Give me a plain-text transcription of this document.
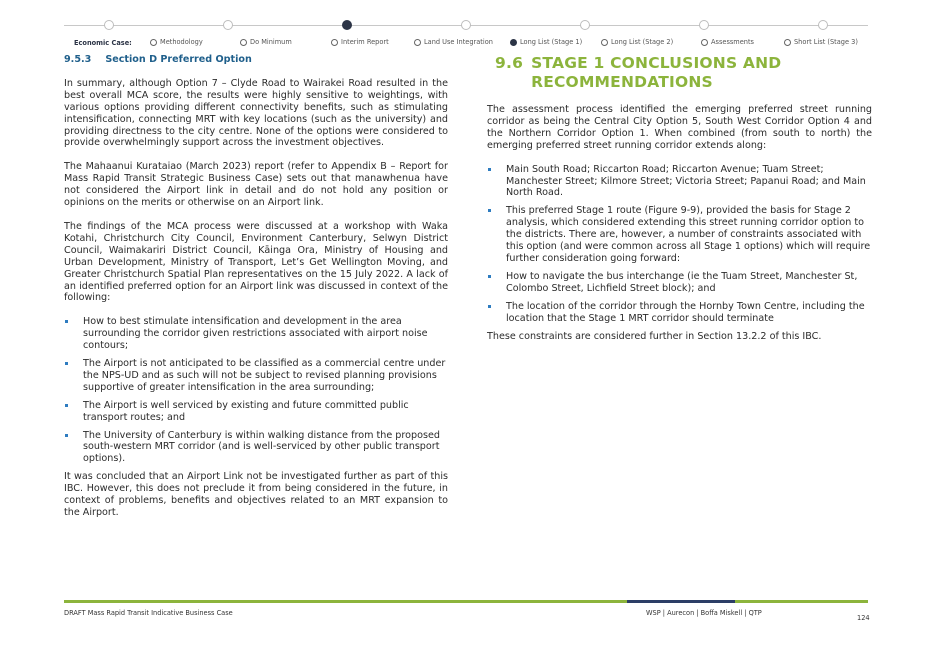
Economic Case:	Methodology	Do Minimum	Interim Report	Land Use Integration	Long List (Stage 1)	Long List (Stage 2)	Assessments	Short List (Stage 3)
9.5.3 Section D Preferred Option

In summary, although Option 7 – Clyde Road to Wairakei Road resulted in the best overall MCA score, the results were highly sensitive to weightings, with various options providing different connectivity benefits, such as stimulating intensification, connecting MRT with key locations (such as the university) and providing directness to the city centre. None of the options were considered to provide overwhelmingly support across the investment objectives.

The Mahaanui Kurataiao (March 2023) report (refer to Appendix B – Report for Mass Rapid Transit Strategic Business Case) sets out that manawhenua have not considered the Airport link in detail and do not hold any position or opinions on the merits or otherwise on an Airport link.

The findings of the MCA process were discussed at a workshop with Waka Kotahi, Christchurch City Council, Environment Canterbury, Selwyn District Council, Waimakariri District Council, Kāinga Ora, Ministry of Housing and Urban Development, Ministry of Transport, Let’s Get Wellington Moving, and Greater Christchurch Spatial Plan representatives on the 15 July 2022. A lack of an identified preferred option for an Airport link was discussed in context of the following:

How to best stimulate intensification and development in the area surrounding the corridor given restrictions associated with airport noise contours;
The Airport is not anticipated to be classified as a commercial centre under the NPS-UD and as such will not be subject to revised planning provisions supportive of greater intensification in the area surrounding;
The Airport is well serviced by existing and future committed public transport routes; and
The University of Canterbury is within walking distance from the proposed south-western MRT corridor (and is well-serviced by other public transport options).

It was concluded that an Airport Link not be investigated further as part of this IBC. However, this does not preclude it from being considered in the future, in context of problems, benefits and objectives related to an MRT expansion to the Airport.

9.6 STAGE 1 CONCLUSIONS AND RECOMMENDATIONS

The assessment process identified the emerging preferred street running corridor as being the Central City Option 5, South West Corridor Option 4 and the Northern Corridor Option 1. When combined (from south to north) the emerging preferred street running corridor extends along:

Main South Road; Riccarton Road; Riccarton Avenue; Tuam Street; Manchester Street; Kilmore Street; Victoria Street; Papanui Road; and Main North Road.
This preferred Stage 1 route (Figure 9-9), provided the basis for Stage 2 analysis, which considered extending this street running corridor option to the districts. There are, however, a number of constraints associated with this option (and were common across all Stage 1 options) which will require further consideration going forward:
How to navigate the bus interchange (ie the Tuam Street, Manchester St, Colombo Street, Lichfield Street block); and
The location of the corridor through the Hornby Town Centre, including the location that the Stage 1 MRT corridor should terminate

These constraints are considered further in Section 13.2.2 of this IBC.

DRAFT Mass Rapid Transit Indicative Business Case	WSP | Aurecon | Boffa Miskell | QTP
124
